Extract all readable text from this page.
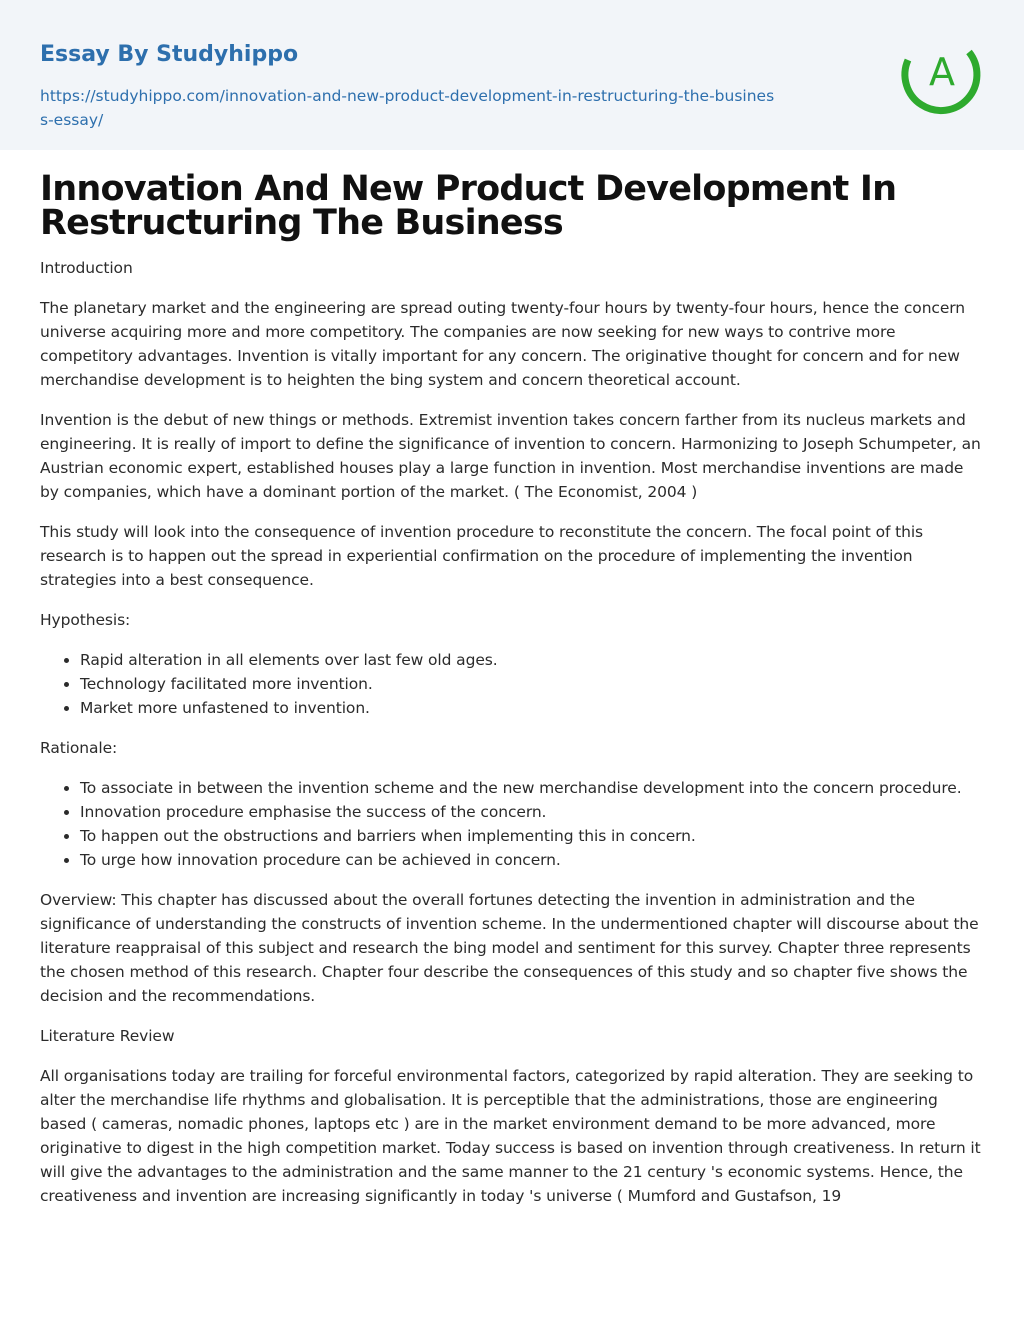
Essay By Studyhippo
https://studyhippo.com/innovation-and-new-product-development-in-restructuring-the-business-essay/
A
Innovation And New Product Development In Restructuring The Business

Introduction

The planetary market and the engineering are spread outing twenty-four hours by twenty-four hours, hence the concern universe acquiring more and more competitory. The companies are now seeking for new ways to contrive more competitory advantages. Invention is vitally important for any concern. The originative thought for concern and for new merchandise development is to heighten the bing system and concern theoretical account.

Invention is the debut of new things or methods. Extremist invention takes concern farther from its nucleus markets and engineering. It is really of import to define the significance of invention to concern. Harmonizing to Joseph Schumpeter, an Austrian economic expert, established houses play a large function in invention. Most merchandise inventions are made by companies, which have a dominant portion of the market. ( The Economist, 2004 )

This study will look into the consequence of invention procedure to reconstitute the concern. The focal point of this research is to happen out the spread in experiential confirmation on the procedure of implementing the invention strategies into a best consequence.

Hypothesis:

• Rapid alteration in all elements over last few old ages.
• Technology facilitated more invention.
• Market more unfastened to invention.

Rationale:

• To associate in between the invention scheme and the new merchandise development into the concern procedure.
• Innovation procedure emphasise the success of the concern.
• To happen out the obstructions and barriers when implementing this in concern.
• To urge how innovation procedure can be achieved in concern.

Overview: This chapter has discussed about the overall fortunes detecting the invention in administration and the significance of understanding the constructs of invention scheme. In the undermentioned chapter will discourse about the literature reappraisal of this subject and research the bing model and sentiment for this survey. Chapter three represents the chosen method of this research. Chapter four describe the consequences of this study and so chapter five shows the decision and the recommendations.

Literature Review

All organisations today are trailing for forceful environmental factors, categorized by rapid alteration. They are seeking to alter the merchandise life rhythms and globalisation. It is perceptible that the administrations, those are engineering based ( cameras, nomadic phones, laptops etc ) are in the market environment demand to be more advanced, more originative to digest in the high competition market. Today success is based on invention through creativeness. In return it will give the advantages to the administration and the same manner to the 21 century 's economic systems. Hence, the creativeness and invention are increasing significantly in today 's universe ( Mumford and Gustafson, 19
